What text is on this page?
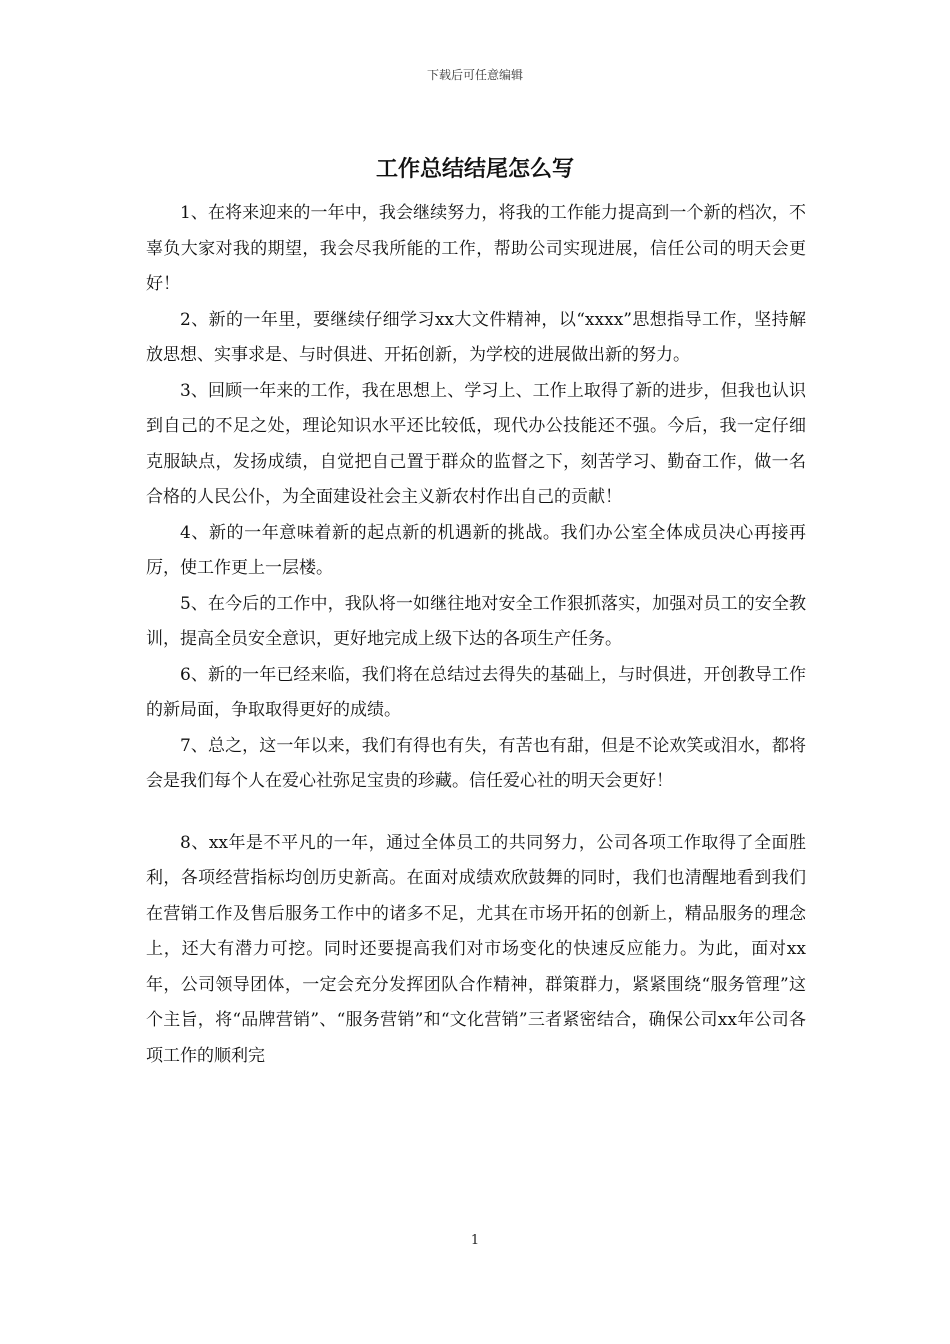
下载后可任意编辑
工作总结结尾怎么写

1、在将来迎来的一年中，我会继续努力，将我的工作能力提高到一个新的档次，不辜负大家对我的期望，我会尽我所能的工作，帮助公司实现进展，信任公司的明天会更好！

2、新的一年里，要继续仔细学习xx大文件精神，以“xxxx”思想指导工作，坚持解放思想、实事求是、与时俱进、开拓创新，为学校的进展做出新的努力。

3、回顾一年来的工作，我在思想上、学习上、工作上取得了新的进步，但我也认识到自己的不足之处，理论知识水平还比较低，现代办公技能还不强。今后，我一定仔细克服缺点，发扬成绩，自觉把自己置于群众的监督之下，刻苦学习、勤奋工作，做一名合格的人民公仆，为全面建设社会主义新农村作出自己的贡献！

4、新的一年意味着新的起点新的机遇新的挑战。我们办公室全体成员决心再接再厉，使工作更上一层楼。

5、在今后的工作中，我队将一如继往地对安全工作狠抓落实，加强对员工的安全教训，提高全员安全意识，更好地完成上级下达的各项生产任务。

6、新的一年已经来临，我们将在总结过去得失的基础上，与时俱进，开创教导工作的新局面，争取取得更好的成绩。

7、总之，这一年以来，我们有得也有失，有苦也有甜，但是不论欢笑或泪水，都将会是我们每个人在爱心社弥足宝贵的珍藏。信任爱心社的明天会更好！

8、xx年是不平凡的一年，通过全体员工的共同努力，公司各项工作取得了全面胜利，各项经营指标均创历史新高。在面对成绩欢欣鼓舞的同时，我们也清醒地看到我们在营销工作及售后服务工作中的诸多不足，尤其在市场开拓的创新上，精品服务的理念上，还大有潜力可挖。同时还要提高我们对市场变化的快速反应能力。为此，面对xx年，公司领导团体，一定会充分发挥团队合作精神，群策群力，紧紧围绕“服务管理”这个主旨，将“品牌营销”、“服务营销”和“文化营销”三者紧密结合，确保公司xx年公司各项工作的顺利完

1
